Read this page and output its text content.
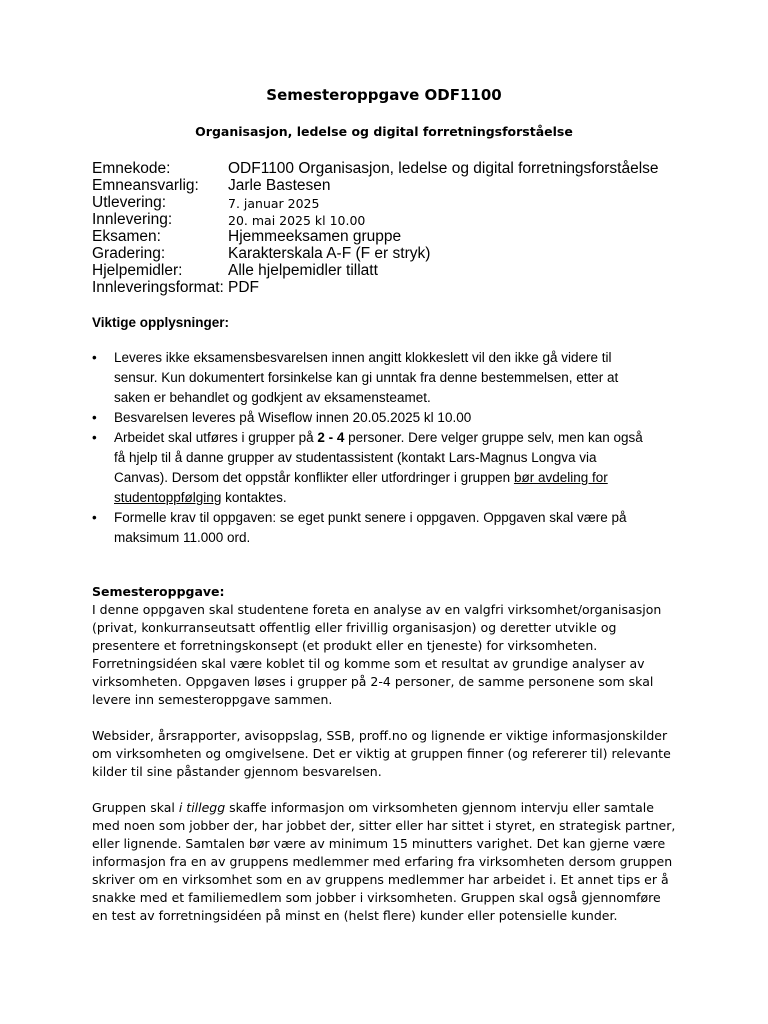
Semesteroppgave ODF1100
Organisasjon, ledelse og digital forretningsforståelse
Emnekode:	ODF1100 Organisasjon, ledelse og digital forretningsforståelse
Emneansvarlig:	Jarle Bastesen
Utlevering:	7. januar 2025
Innlevering:	20. mai 2025 kl 10.00
Eksamen:	Hjemmeeksamen gruppe
Gradering:	Karakterskala A-F (F er stryk)
Hjelpemidler:	Alle hjelpemidler tillatt
Innleveringsformat: PDF
Viktige opplysninger:
• Leveres ikke eksamensbesvarelsen innen angitt klokkeslett vil den ikke gå videre til
sensur. Kun dokumentert forsinkelse kan gi unntak fra denne bestemmelsen, etter at
saken er behandlet og godkjent av eksamensteamet.
• Besvarelsen leveres på Wiseflow innen 20.05.2025 kl 10.00
• Arbeidet skal utføres i grupper på 2 - 4 personer. Dere velger gruppe selv, men kan også
få hjelp til å danne grupper av studentassistent (kontakt Lars-Magnus Longva via
Canvas). Dersom det oppstår konflikter eller utfordringer i gruppen bør avdeling for
studentoppfølging kontaktes.
• Formelle krav til oppgaven: se eget punkt senere i oppgaven. Oppgaven skal være på
maksimum 11.000 ord.

Semesteroppgave:

I denne oppgaven skal studentene foreta en analyse av en valgfri virksomhet/organisasjon
(privat, konkurranseutsatt offentlig eller frivillig organisasjon) og deretter utvikle og
presentere et forretningskonsept (et produkt eller en tjeneste) for virksomheten.
Forretningsidéen skal være koblet til og komme som et resultat av grundige analyser av
virksomheten. Oppgaven løses i grupper på 2-4 personer, de samme personene som skal
levere inn semesteroppgave sammen.

Websider, årsrapporter, avisoppslag, SSB, proff.no og lignende er viktige informasjonskilder
om virksomheten og omgivelsene. Det er viktig at gruppen finner (og refererer til) relevante
kilder til sine påstander gjennom besvarelsen.

Gruppen skal i tillegg skaffe informasjon om virksomheten gjennom intervju eller samtale
med noen som jobber der, har jobbet der, sitter eller har sittet i styret, en strategisk partner,
eller lignende. Samtalen bør være av minimum 15 minutters varighet. Det kan gjerne være
informasjon fra en av gruppens medlemmer med erfaring fra virksomheten dersom gruppen
skriver om en virksomhet som en av gruppens medlemmer har arbeidet i. Et annet tips er å
snakke med et familiemedlem som jobber i virksomheten. Gruppen skal også gjennomføre
en test av forretningsidéen på minst en (helst flere) kunder eller potensielle kunder.
